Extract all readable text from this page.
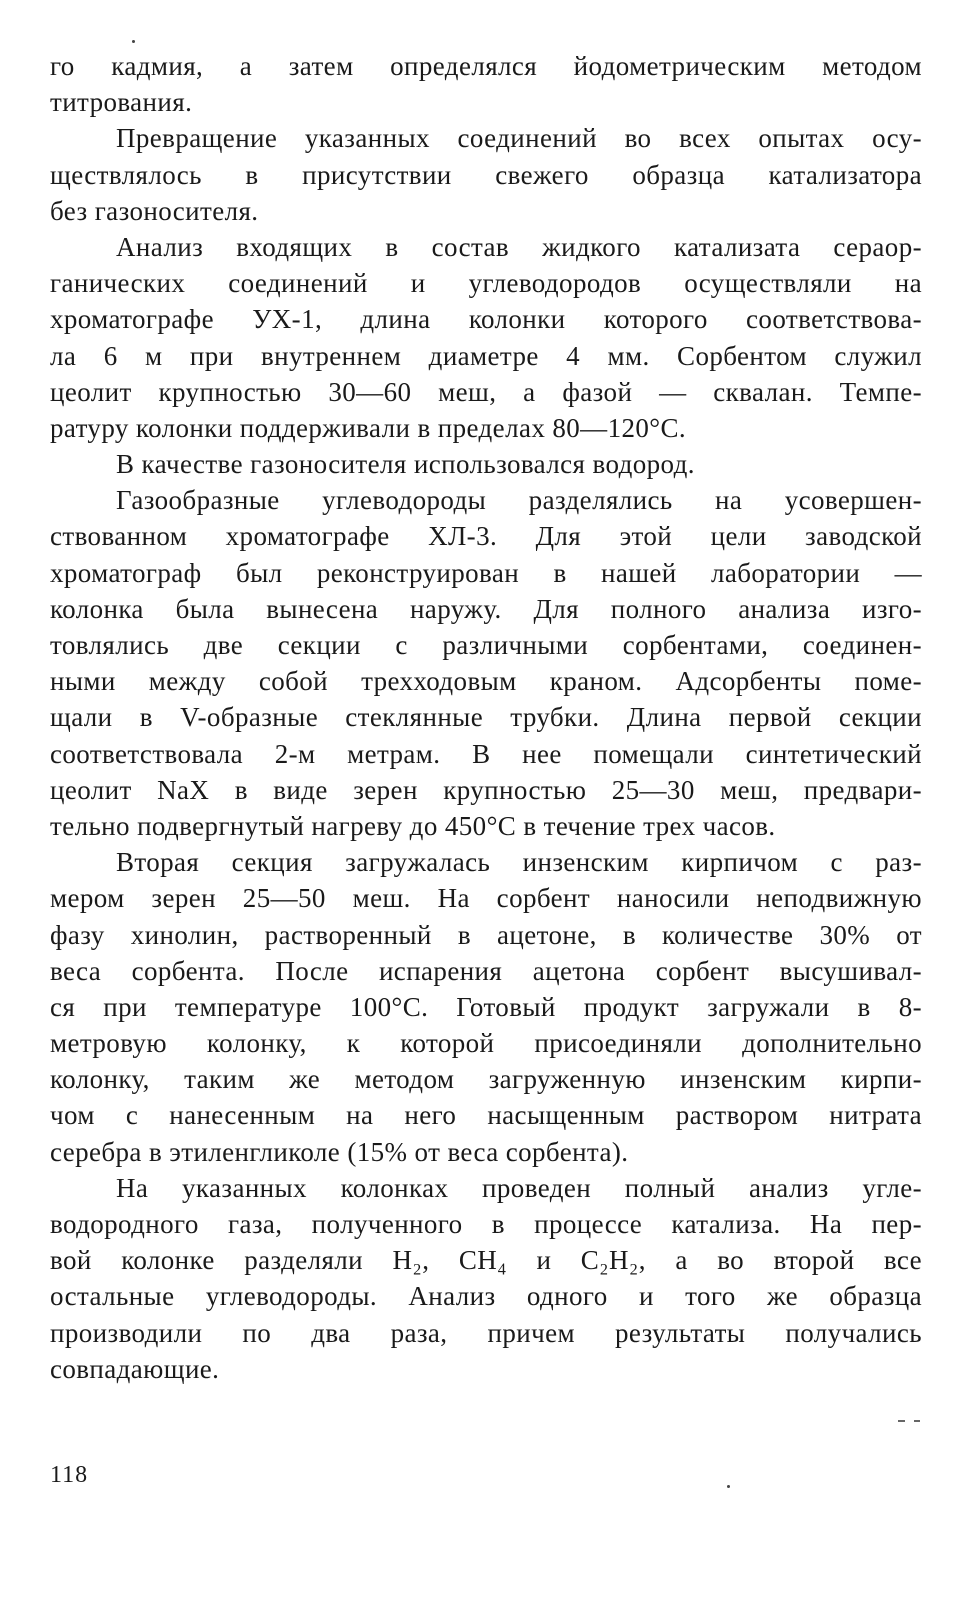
го кадмия, а затем определялся йодометрическим методом
титрования.
Превращение указанных соединений во всех опытах осу-
ществлялось в присутствии свежего образца катализатора
без газоносителя.
Анализ входящих в состав жидкого катализата сераор-
ганических соединений и углеводородов осуществляли на
хроматографе УХ-1, длина колонки которого соответствова-
ла 6 м при внутреннем диаметре 4 мм. Сорбентом служил
цеолит крупностью 30—60 меш, а фазой — сквалан. Темпе-
ратуру колонки поддерживали в пределах 80—120°С.
В качестве газоносителя использовался водород.
Газообразные углеводороды разделялись на усовершен-
ствованном хроматографе ХЛ-3. Для этой цели заводской
хроматограф был реконструирован в нашей лаборатории —
колонка была вынесена наружу. Для полного анализа изго-
товлялись две секции с различными сорбентами, соединен-
ными между собой трехходовым краном. Адсорбенты поме-
щали в V-образные стеклянные трубки. Длина первой секции
соответствовала 2-м метрам. В нее помещали синтетический
цеолит NaX в виде зерен крупностью 25—30 меш, предвари-
тельно подвергнутый нагреву до 450°С в течение трех часов.
Вторая секция загружалась инзенским кирпичом с раз-
мером зерен 25—50 меш. На сорбент наносили неподвижную
фазу хинолин, растворенный в ацетоне, в количестве 30% от
веса сорбента. После испарения ацетона сорбент высушивал-
ся при температуре 100°С. Готовый продукт загружали в 8-
метровую колонку, к которой присоединяли дополнительно
колонку, таким же методом загруженную инзенским кирпи-
чом с нанесенным на него насыщенным раствором нитрата
серебра в этиленгликоле (15% от веса сорбента).
На указанных колонках проведен полный анализ угле-
водородного газа, полученного в процессе катализа. На пер-
вой колонке разделяли H₂, CH₄ и C₂H₂, а во второй все
остальные углеводороды. Анализ одного и того же образца
производили по два раза, причем результаты получались
совпадающие.
118
